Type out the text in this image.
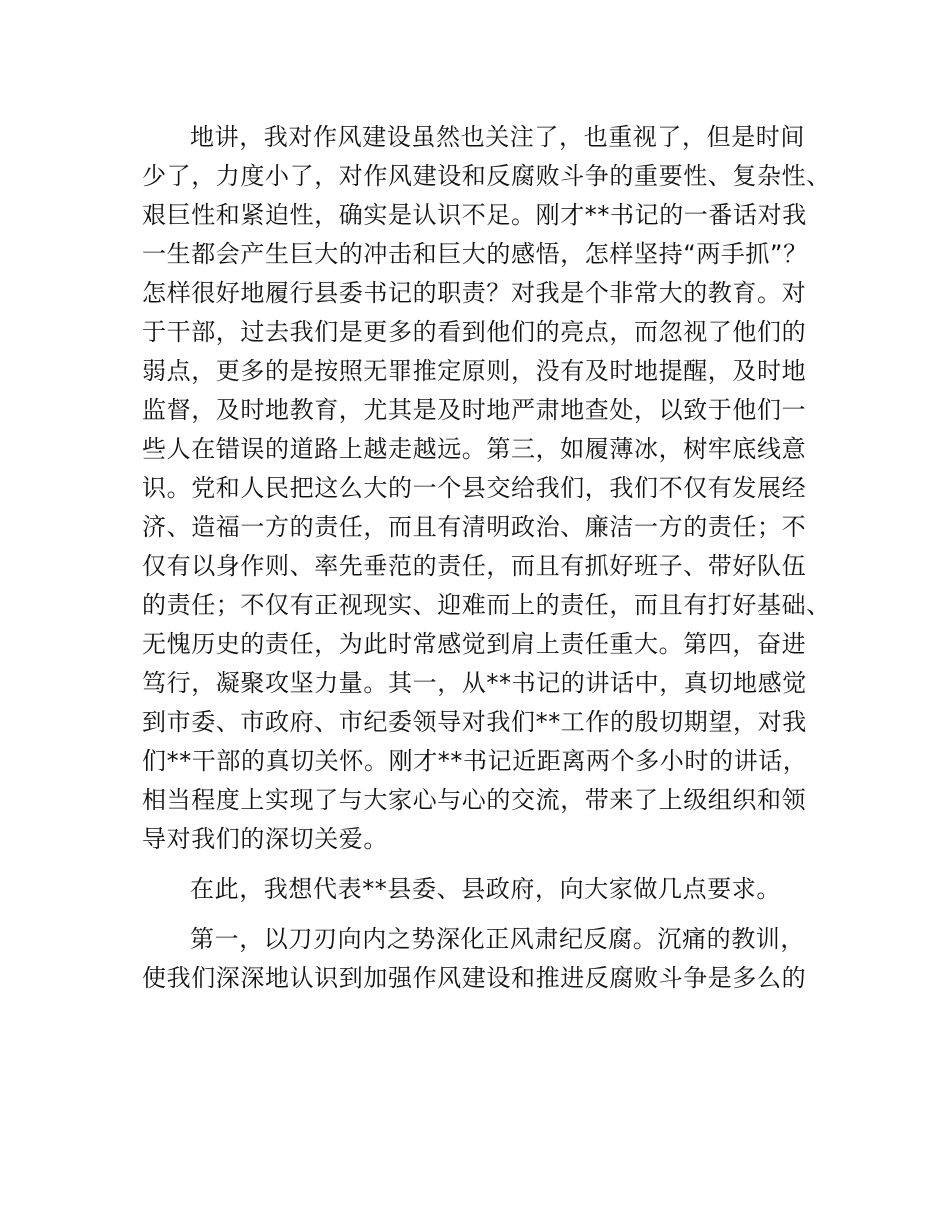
地讲，我对作风建设虽然也关注了，也重视了，但是时间
少了，力度小了，对作风建设和反腐败斗争的重要性、复杂性、
艰巨性和紧迫性，确实是认识不足。刚才**书记的一番话对我
一生都会产生巨大的冲击和巨大的感悟，怎样坚持“两手抓”？
怎样很好地履行县委书记的职责？对我是个非常大的教育。对
于干部，过去我们是更多的看到他们的亮点，而忽视了他们的
弱点，更多的是按照无罪推定原则，没有及时地提醒，及时地
监督，及时地教育，尤其是及时地严肃地查处，以致于他们一
些人在错误的道路上越走越远。第三，如履薄冰，树牢底线意
识。党和人民把这么大的一个县交给我们，我们不仅有发展经
济、造福一方的责任，而且有清明政治、廉洁一方的责任；不
仅有以身作则、率先垂范的责任，而且有抓好班子、带好队伍
的责任；不仅有正视现实、迎难而上的责任，而且有打好基础、
无愧历史的责任，为此时常感觉到肩上责任重大。第四，奋进
笃行，凝聚攻坚力量。其一，从**书记的讲话中，真切地感觉
到市委、市政府、市纪委领导对我们**工作的殷切期望，对我
们**干部的真切关怀。刚才**书记近距离两个多小时的讲话，
相当程度上实现了与大家心与心的交流，带来了上级组织和领
导对我们的深切关爱。

在此，我想代表**县委、县政府，向大家做几点要求。

第一，以刀刃向内之势深化正风肃纪反腐。沉痛的教训，
使我们深深地认识到加强作风建设和推进反腐败斗争是多么的
